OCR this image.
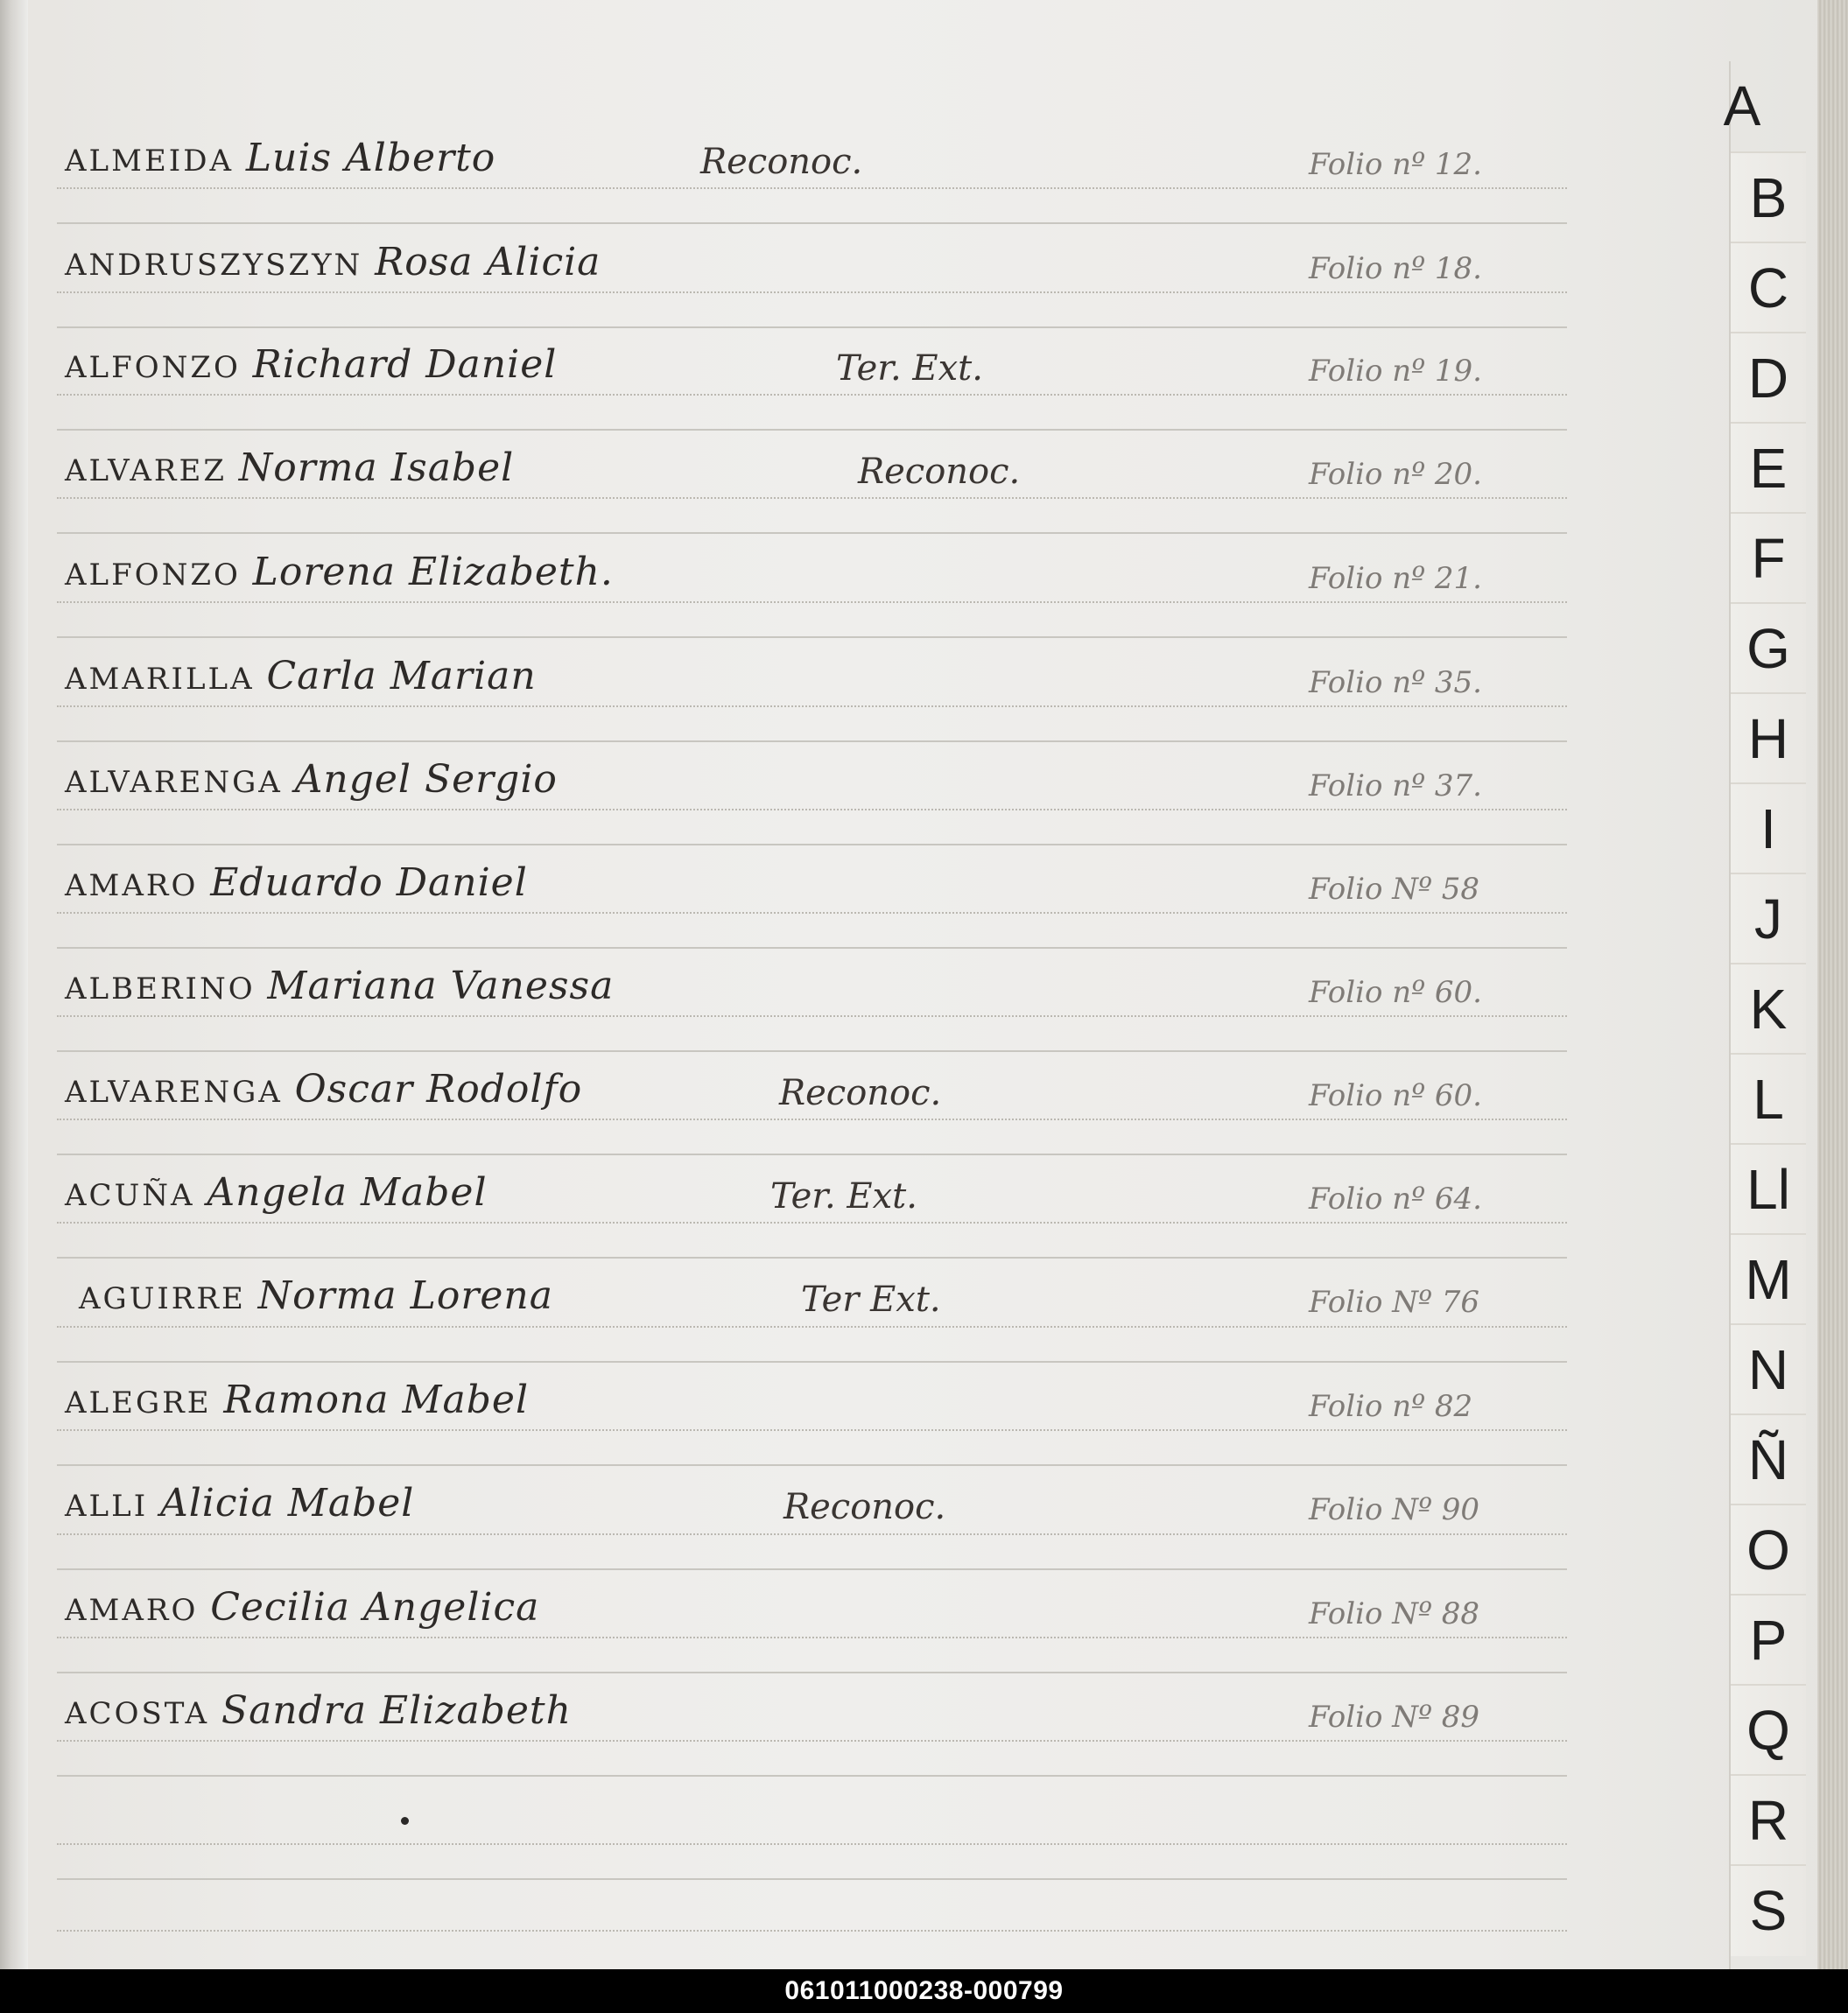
ALMEIDA Luis Alberto	Reconoc.	Folio nº 12.
ANDRUSZYSZYN Rosa Alicia	Folio nº 18.
ALFONZO Richard Daniel	Ter. Ext.	Folio nº 19.
ALVAREZ Norma Isabel	Reconoc.	Folio nº 20.
ALFONZO Lorena Elizabeth.	Folio nº 21.
AMARILLA Carla Marian	Folio nº 35.
ALVARENGA Angel Sergio	Folio nº 37.
AMARO Eduardo Daniel	Folio Nº 58
ALBERINO Mariana Vanessa	Folio nº 60.
ALVARENGA Oscar Rodolfo	Reconoc.	Folio nº 60.
ACUÑA Angela Mabel	Ter. Ext.	Folio nº 64.
AGUIRRE Norma Lorena	Ter Ext.	Folio Nº 76
ALEGRE Ramona Mabel	Folio nº 82
ALLI Alicia Mabel	Reconoc.	Folio Nº 90
AMARO Cecilia Angelica	Folio Nº 88
ACOSTA Sandra Elizabeth	Folio Nº 89
A
B
C
D
E
F
G
H
I
J
K
L
Ll
M
N
Ñ
O
P
Q
R
S
061011000238-000799
